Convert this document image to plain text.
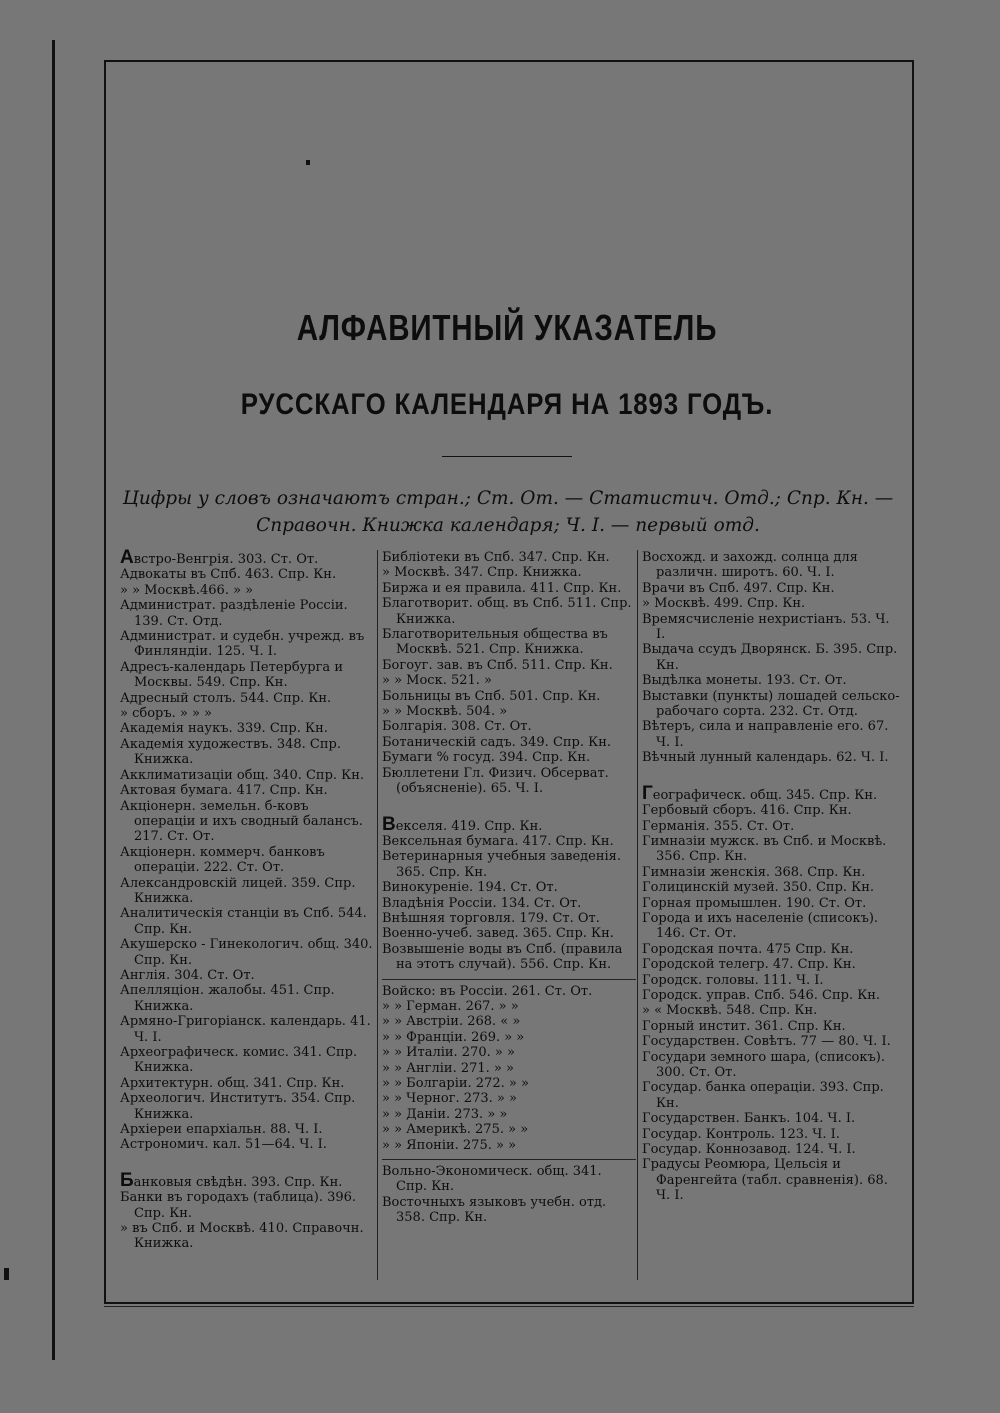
АЛФАВИТНЫЙ УКАЗАТЕЛЬ
РУССКАГО КАЛЕНДАРЯ НА 1893 ГОДЪ.
Цифры у словъ означаютъ стран.; Ст. От. — Статистич. Отд.; Спр. Кн. —
Справочн. Книжка календаря; Ч. I. — первый отд.
Австро-Венгрія. 303. Ст. От.
Адвокаты въ Спб. 463. Спр. Кн.
» » Москвѣ.466. » »
Администрат. раздѣленіе Россіи. 139. Ст. Отд.
Администрат. и судебн. учрежд. въ Финляндіи. 125. Ч. I.
Адресъ-календарь Петербурга и Москвы. 549. Спр. Кн.
Адресный столъ. 544. Спр. Кн.
» сборъ. » » »
Академія наукъ. 339. Спр. Кн.
Академія художествъ. 348. Спр. Книжка.
Акклиматизаціи общ. 340. Спр. Кн.
Актовая бумага. 417. Спр. Кн.
Акціонерн. земельн. б-ковъ операціи и ихъ сводный балансъ. 217. Ст. От.
Акціонерн. коммерч. банковъ операціи. 222. Ст. От.
Александровскій лицей. 359. Спр. Книжка.
Аналитическія станціи въ Спб. 544. Спр. Кн.
Акушерско - Гинекологич. общ. 340. Спр. Кн.
Англія. 304. Ст. От.
Апелляціон. жалобы. 451. Спр. Книжка.
Армяно-Григоріанск. календарь. 41. Ч. I.
Археографическ. комис. 341. Спр. Книжка.
Архитектурн. общ. 341. Спр. Кн.
Археологич. Институтъ. 354. Спр. Книжка.
Архіереи епархіальн. 88. Ч. I.
Астрономич. кал. 51—64. Ч. I.
Банковыя свѣдѣн. 393. Спр. Кн.
Банки въ городахъ (таблица). 396. Спр. Кн.
» въ Спб. и Москвѣ. 410. Справочн. Книжка.
Библіотеки въ Спб. 347. Спр. Кн.
» Москвѣ. 347. Спр. Книжка.
Биржа и ея правила. 411. Спр. Кн.
Благотворит. общ. въ Спб. 511. Спр. Книжка.
Благотворительныя общества въ Москвѣ. 521. Спр. Книжка.
Богоуг. зав. въ Спб. 511. Спр. Кн.
» » Моск. 521. »
Больницы въ Спб. 501. Спр. Кн.
» » Москвѣ. 504. »
Болгарія. 308. Ст. От.
Ботаническій садъ. 349. Спр. Кн.
Бумаги % госуд. 394. Спр. Кн.
Бюллетени Гл. Физич. Обсерват. (объясненіе). 65. Ч. I.
Векселя. 419. Спр. Кн.
Вексельная бумага. 417. Спр. Кн.
Ветеринарныя учебныя заведенія. 365. Спр. Кн.
Винокуреніе. 194. Ст. От.
Владѣнія Россіи. 134. Ст. От.
Внѣшняя торговля. 179. Ст. От.
Военно-учеб. завед. 365. Спр. Кн.
Возвышеніе воды въ Спб. (правила на этотъ случай). 556. Спр. Кн.
Войско: въ Россіи. 261. Ст. От.
» » Герман. 267. » »
» » Австріи. 268. « »
» » Франціи. 269. » »
» » Италіи. 270. » »
» » Англіи. 271. » »
» » Болгаріи. 272. » »
» » Черног. 273. » »
» » Даніи. 273. » »
» » Америкѣ. 275. » »
» » Японіи. 275. » »
Вольно-Экономическ. общ. 341. Спр. Кн.
Восточныхъ языковъ учебн. отд. 358. Спр. Кн.
Восхожд. и захожд. солнца для различн. широтъ. 60. Ч. I.
Врачи въ Спб. 497. Спр. Кн.
» Москвѣ. 499. Спр. Кн.
Времясчисленіе нехристіанъ. 53. Ч. I.
Выдача ссудъ Дворянск. Б. 395. Спр. Кн.
Выдѣлка монеты. 193. Ст. От.
Выставки (пункты) лошадей сельско-рабочаго сорта. 232. Ст. Отд.
Вѣтеръ, сила и направленіе его. 67. Ч. I.
Вѣчный лунный календарь. 62. Ч. I.
Географическ. общ. 345. Спр. Кн.
Гербовый сборъ. 416. Спр. Кн.
Германія. 355. Ст. От.
Гимназіи мужск. въ Спб. и Москвѣ. 356. Спр. Кн.
Гимназіи женскія. 368. Спр. Кн.
Голицинскій музей. 350. Спр. Кн.
Горная промышлен. 190. Ст. От.
Города и ихъ населеніе (списокъ). 146. Ст. От.
Городская почта. 475 Спр. Кн.
Городской телегр. 47. Спр. Кн.
Городск. головы. 111. Ч. I.
Городск. управ. Спб. 546. Спр. Кн.
» « Москвѣ. 548. Спр. Кн.
Горный инстит. 361. Спр. Кн.
Государствен. Совѣтъ. 77 — 80. Ч. I.
Государи земного шара, (списокъ). 300. Ст. От.
Государ. банка операціи. 393. Спр. Кн.
Государствен. Банкъ. 104. Ч. I.
Государ. Контроль. 123. Ч. I.
Государ. Коннозавод. 124. Ч. I.
Градусы Реомюра, Цельсія и Фаренгейта (табл. сравненія). 68. Ч. I.
